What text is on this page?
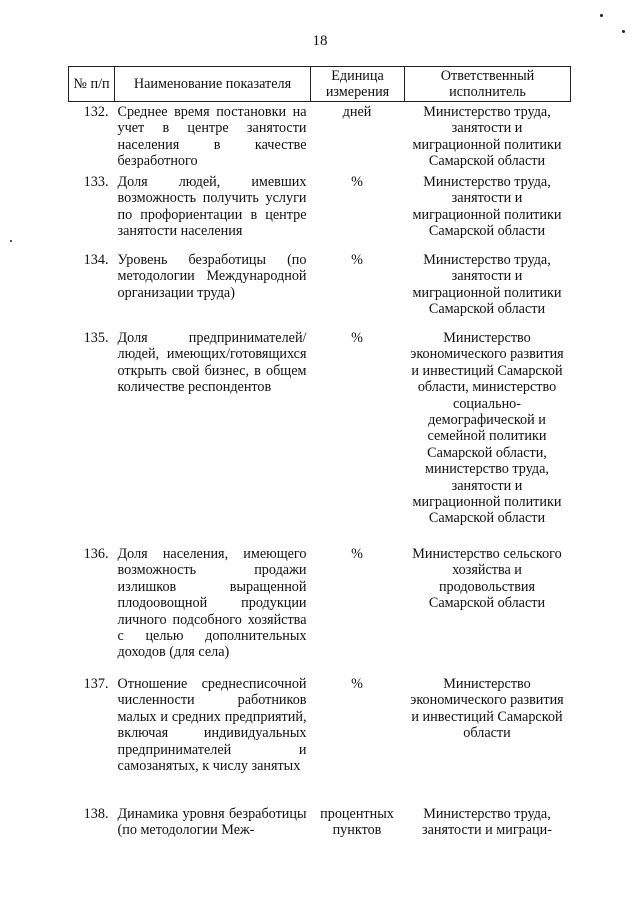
18
№ п/п	Наименование показателя	Единица измерения	Ответственный исполнитель
132.	Среднее время постановки на учет в центре занятости населения в качестве безработного	дней	Министерство труда, занятости и миграционной политики Самарской области
133.	Доля людей, имевших возможность получить услуги по профориентации в центре занятости населения	%	Министерство труда, занятости и миграционной политики Самарской области
134.	Уровень безработицы (по методологии Международной организации труда)	%	Министерство труда, занятости и миграционной политики Самарской области
135.	Доля предпринимателей/людей, имеющих/готовящихся открыть свой бизнес, в общем количестве респондентов	%	Министерство экономического развития и инвестиций Самарской области, министерство социально-демографической и семейной политики Самарской области, министерство труда, занятости и миграционной политики Самарской области
136.	Доля населения, имеющего возможность продажи излишков выращенной плодоовощной продукции личного подсобного хозяйства с целью дополнительных доходов (для села)	%	Министерство сельского хозяйства и продовольствия Самарской области
137.	Отношение среднесписочной численности работников малых и средних предприятий, включая индивидуальных предпринимателей и самозанятых, к числу занятых	%	Министерство экономического развития и инвестиций Самарской области
138.	Динамика уровня безработицы (по методологии Меж-	процентных пунктов	Министерство труда, занятости и миграци-
